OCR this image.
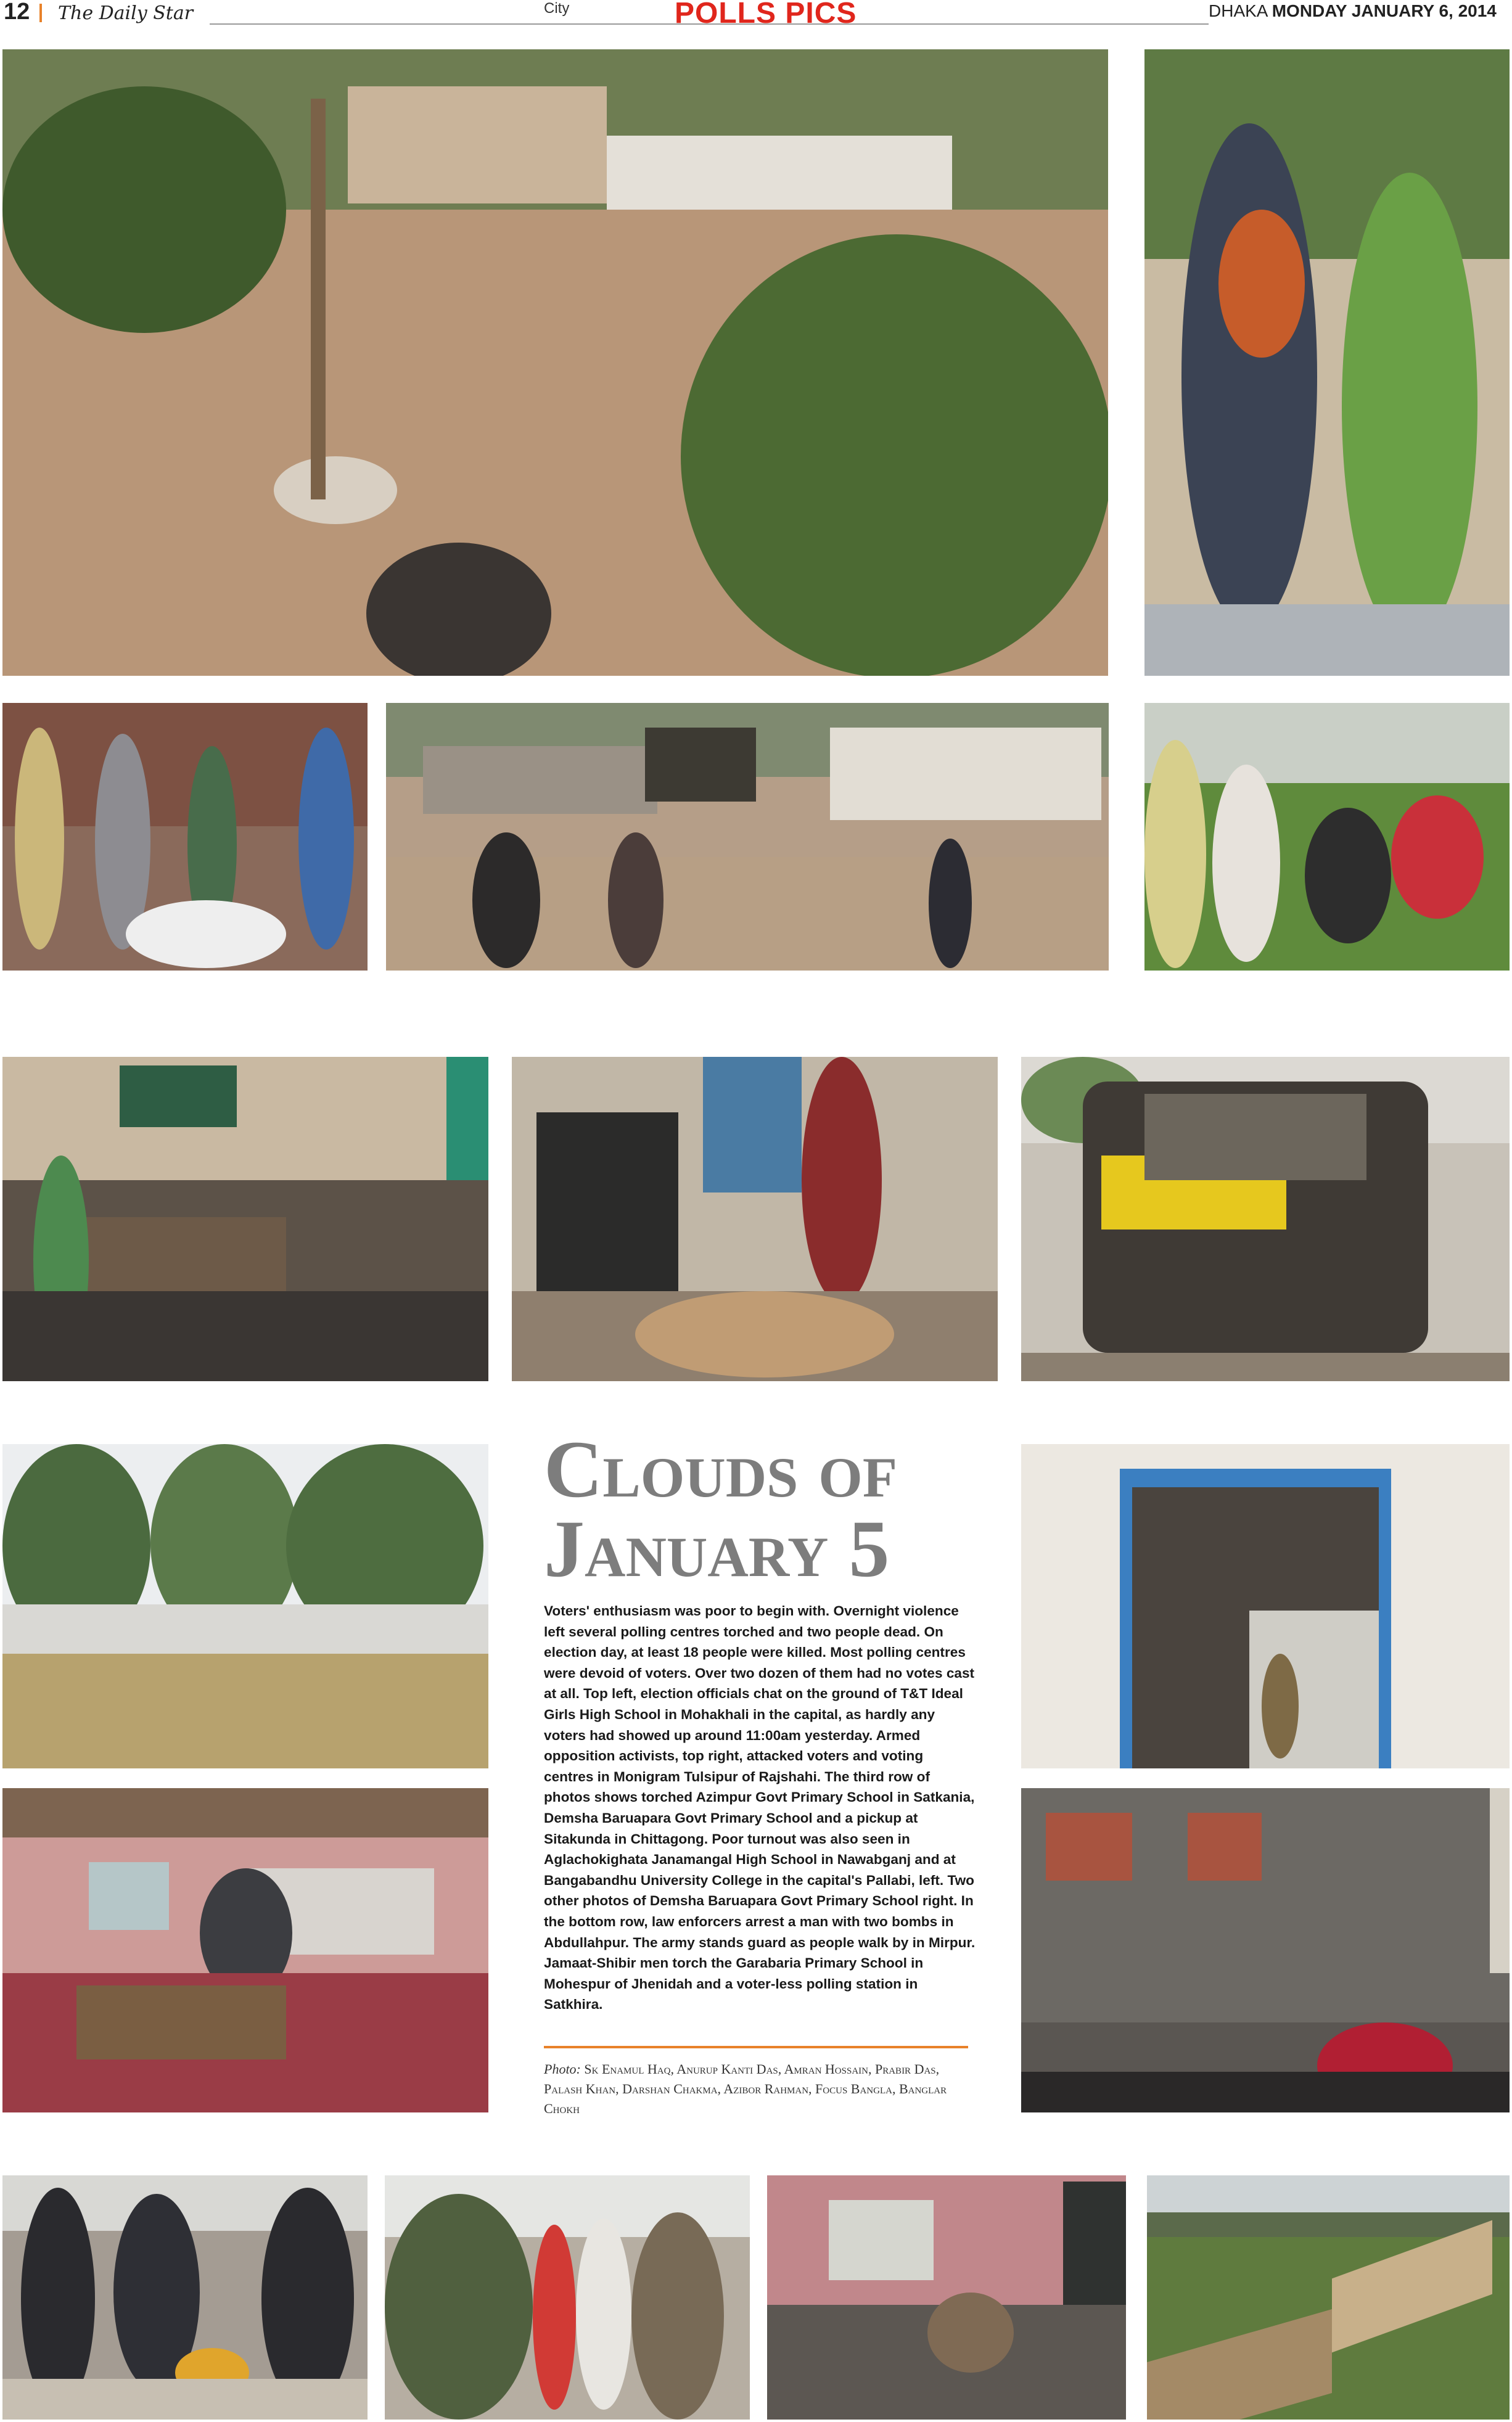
12 The Daily Star	City	POLLS PICS	DHAKA MONDAY JANUARY 6, 2014
Clouds of
January 5
Voters' enthusiasm was poor to begin with. Overnight violence left several polling centres torched and two people dead. On election day, at least 18 people were killed. Most polling centres were devoid of voters. Over two dozen of them had no votes cast at all. Top left, election officials chat on the ground of T&T Ideal Girls High School in Mohakhali in the capital, as hardly any voters had showed up around 11:00am yesterday. Armed opposition activists, top right, attacked voters and voting centres in Monigram Tulsipur of Rajshahi. The third row of photos shows torched Azimpur Govt Primary School in Satkania, Demsha Baruapara Govt Primary School and a pickup at Sitakunda in Chittagong. Poor turnout was also seen in Aglachokighata Janamangal High School in Nawabganj and at Bangabandhu University College in the capital's Pallabi, left. Two other photos of Demsha Baruapara Govt Primary School right. In the bottom row, law enforcers arrest a man with two bombs in Abdullahpur. The army stands guard as people walk by in Mirpur. Jamaat-Shibir men torch the Garabaria Primary School in Mohespur of Jhenidah and a voter-less polling station in Satkhira.
Photo: Sk Enamul Haq, Anurup Kanti Das, Amran Hossain, Prabir Das, Palash Khan, Darshan Chakma, Azibor Rahman, Focus Bangla, Banglar Chokh
